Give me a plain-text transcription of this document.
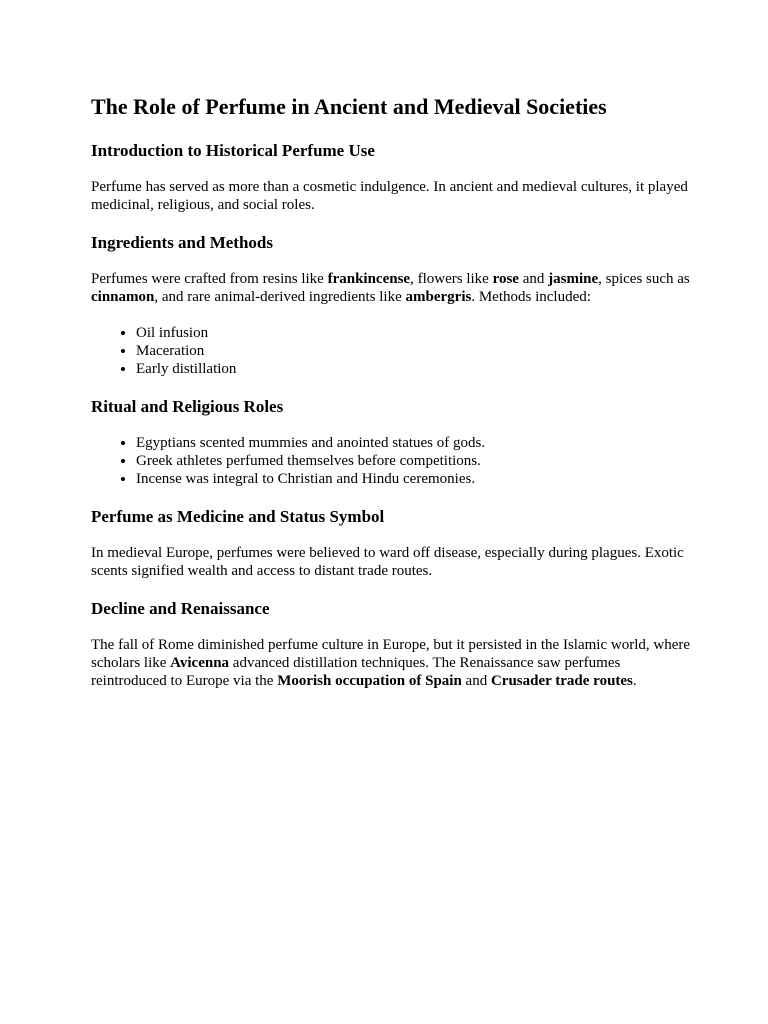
The Role of Perfume in Ancient and Medieval Societies
Introduction to Historical Perfume Use

Perfume has served as more than a cosmetic indulgence. In ancient and medieval cultures, it played medicinal, religious, and social roles.

Ingredients and Methods

Perfumes were crafted from resins like frankincense, flowers like rose and jasmine, spices such as cinnamon, and rare animal-derived ingredients like ambergris. Methods included:

• Oil infusion
• Maceration
• Early distillation
Ritual and Religious Roles
• Egyptians scented mummies and anointed statues of gods.
• Greek athletes perfumed themselves before competitions.
• Incense was integral to Christian and Hindu ceremonies.
Perfume as Medicine and Status Symbol

In medieval Europe, perfumes were believed to ward off disease, especially during plagues. Exotic scents signified wealth and access to distant trade routes.

Decline and Renaissance

The fall of Rome diminished perfume culture in Europe, but it persisted in the Islamic world, where scholars like Avicenna advanced distillation techniques. The Renaissance saw perfumes reintroduced to Europe via the Moorish occupation of Spain and Crusader trade routes.
